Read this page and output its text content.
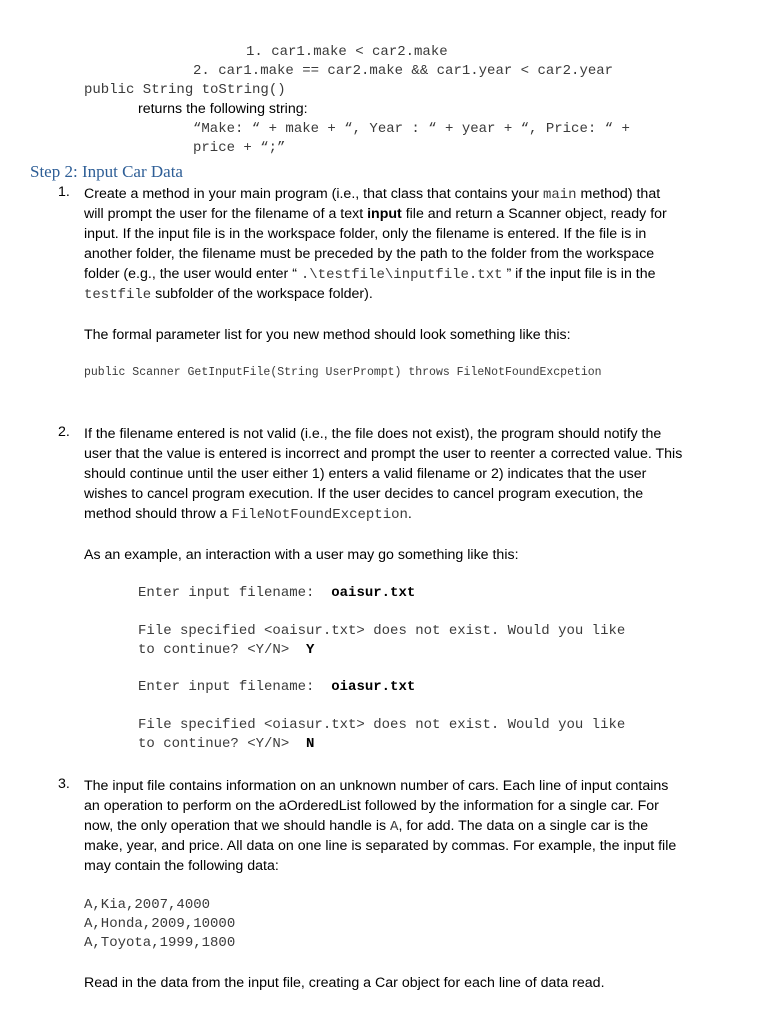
1. car1.make < car2.make
2. car1.make == car2.make && car1.year < car2.year
public String toString()
returns the following string:
“Make: “ + make + “, Year : “ + year + “, Price: “ +
price + “;”
Step 2: Input Car Data
1. Create a method in your main program (i.e., that class that contains your main method) that
will prompt the user for the filename of a text input file and return a Scanner object, ready for
input. If the input file is in the workspace folder, only the filename is entered. If the file is in
another folder, the filename must be preceded by the path to the folder from the workspace
folder (e.g., the user would enter “ .\testfile\inputfile.txt ” if the input file is in the
testfile subfolder of the workspace folder).
The formal parameter list for you new method should look something like this:
public Scanner GetInputFile(String UserPrompt) throws FileNotFoundExcpetion
2. If the filename entered is not valid (i.e., the file does not exist), the program should notify the
user that the value is entered is incorrect and prompt the user to reenter a corrected value. This
should continue until the user either 1) enters a valid filename or 2) indicates that the user
wishes to cancel program execution. If the user decides to cancel program execution, the
method should throw a FileNotFoundException.
As an example, an interaction with a user may go something like this:
Enter input filename:  oaisur.txt
File specified <oaisur.txt> does not exist. Would you like
to continue? <Y/N>  Y
Enter input filename:  oiasur.txt
File specified <oiasur.txt> does not exist. Would you like
to continue? <Y/N>  N
3. The input file contains information on an unknown number of cars. Each line of input contains
an operation to perform on the aOrderedList followed by the information for a single car. For
now, the only operation that we should handle is A, for add. The data on a single car is the
make, year, and price. All data on one line is separated by commas. For example, the input file
may contain the following data:
A,Kia,2007,4000
A,Honda,2009,10000
A,Toyota,1999,1800
Read in the data from the input file, creating a Car object for each line of data read.
